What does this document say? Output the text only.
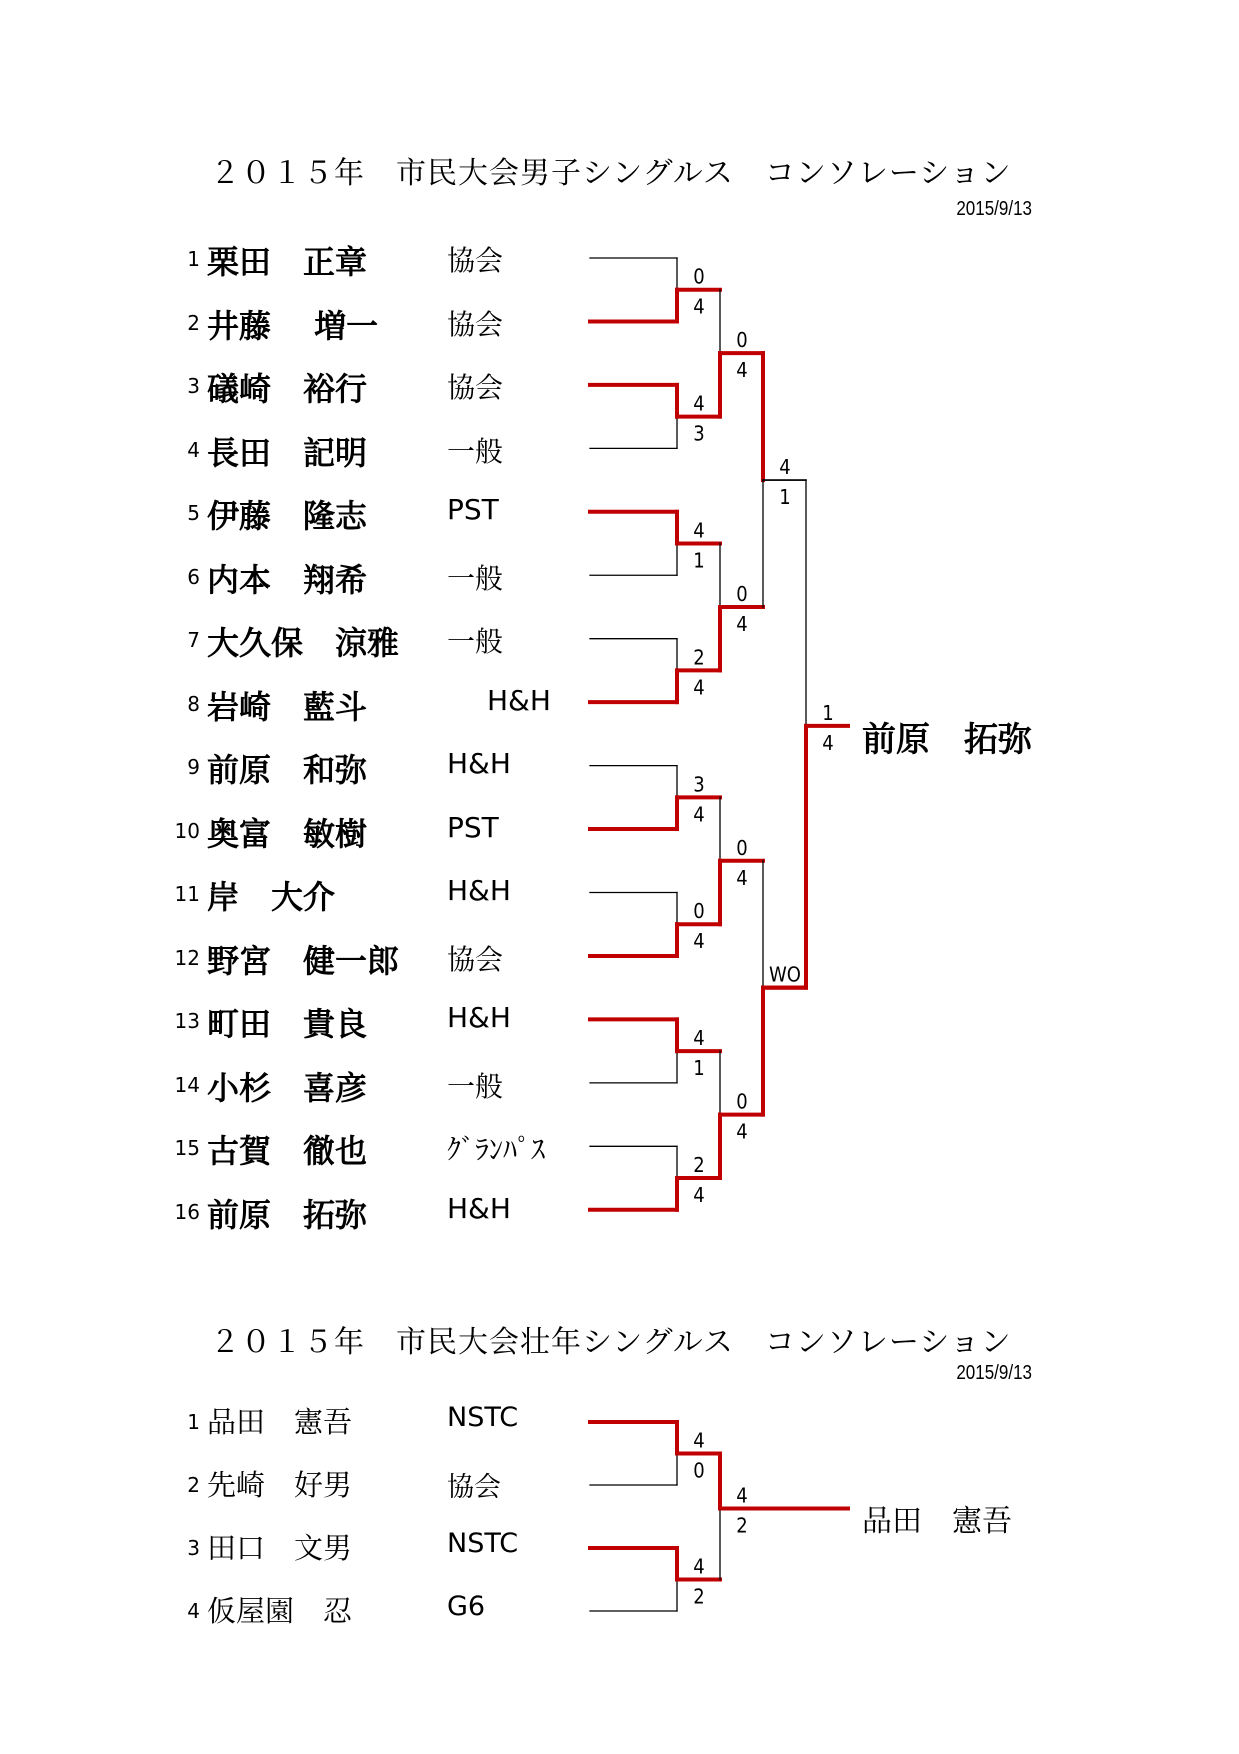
２０１５年　市民大会男子シングルス　コンソレーション
2015/9/13
1 栗田　正章	協会
2 井藤　 増一 協会
3 礒崎　裕行	協会
4 長田　記明	一般
5 伊藤　隆志	PST
6 内本　翔希	一般
7 大久保　涼雅 一般
8 岩崎　藍斗	H&H
9 前原　和弥	H&H
10 奥富　敏樹	PST
11 岸　大介	H&H
12 野宮　健一郎 協会
13 町田　貴良	H&H
14 小杉　喜彦	一般
15 古賀　徹也	ｸﾞﾗﾝﾊﾟｽ
16 前原　拓弥	H&H
前原　拓弥
２０１５年　市民大会壮年シングルス　コンソレーション
2015/9/13
1 品田　憲吾	NSTC
2 先崎　好男	協会
3 田口　文男	NSTC
4 仮屋園　忍	G6
品田　憲吾
0
4
4
3
4
1
2
4
3
4
0
4
4
1
2
4
0
4
0
4
0
4
0
4
4
1
WO
1
4
4
0
4
2
4
2
